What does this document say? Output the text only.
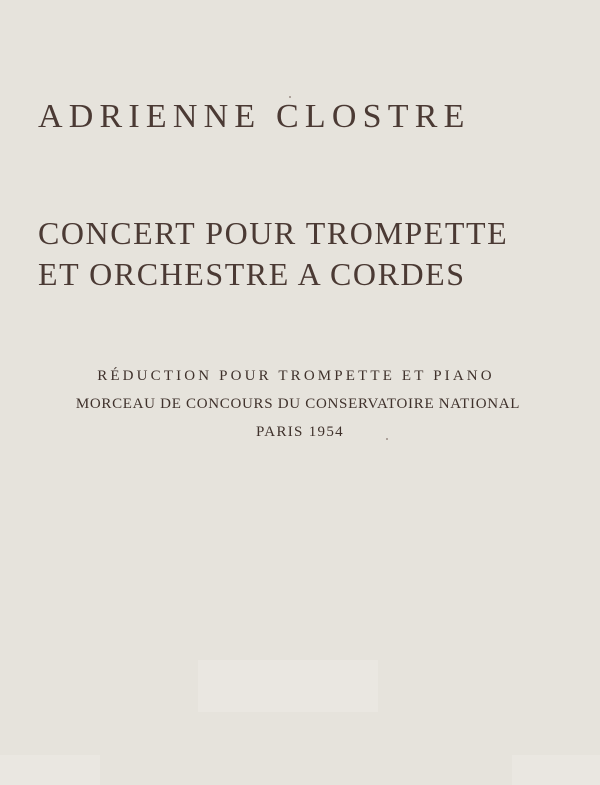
ADRIENNE CLOSTRE
CONCERT POUR TROMPETTE
ET ORCHESTRE A CORDES
RÉDUCTION POUR TROMPETTE ET PIANO
MORCEAU DE CONCOURS DU CONSERVATOIRE NATIONAL
PARIS 1954
